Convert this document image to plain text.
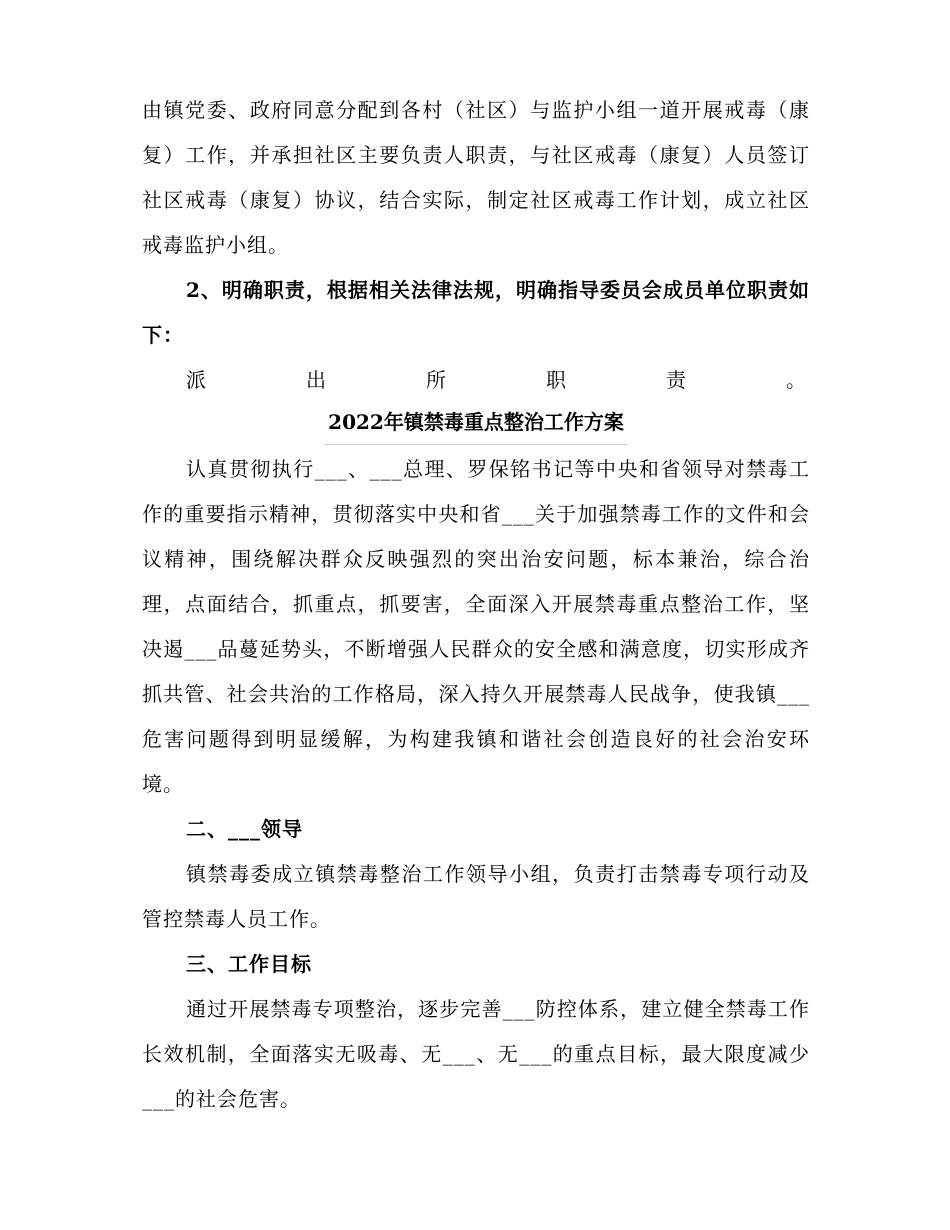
由镇党委、政府同意分配到各村（社区）与监护小组一道开展戒毒（康复）工作，并承担社区主要负责人职责，与社区戒毒（康复）人员签订社区戒毒（康复）协议，结合实际，制定社区戒毒工作计划，成立社区戒毒监护小组。

2、明确职责，根据相关法律法规，明确指导委员会成员单位职责如下：

派	出	所	职	责	。
2022年镇禁毒重点整治工作方案

认真贯彻执行___、___总理、罗保铭书记等中央和省领导对禁毒工作的重要指示精神，贯彻落实中央和省___关于加强禁毒工作的文件和会议精神，围绕解决群众反映强烈的突出治安问题，标本兼治，综合治理，点面结合，抓重点，抓要害，全面深入开展禁毒重点整治工作，坚决遏___品蔓延势头，不断增强人民群众的安全感和满意度，切实形成齐抓共管、社会共治的工作格局，深入持久开展禁毒人民战争，使我镇___危害问题得到明显缓解，为构建我镇和谐社会创造良好的社会治安环境。

二、___领导

镇禁毒委成立镇禁毒整治工作领导小组，负责打击禁毒专项行动及管控禁毒人员工作。

三、工作目标

通过开展禁毒专项整治，逐步完善___防控体系，建立健全禁毒工作长效机制，全面落实无吸毒、无___、无___的重点目标，最大限度减少___的社会危害。
